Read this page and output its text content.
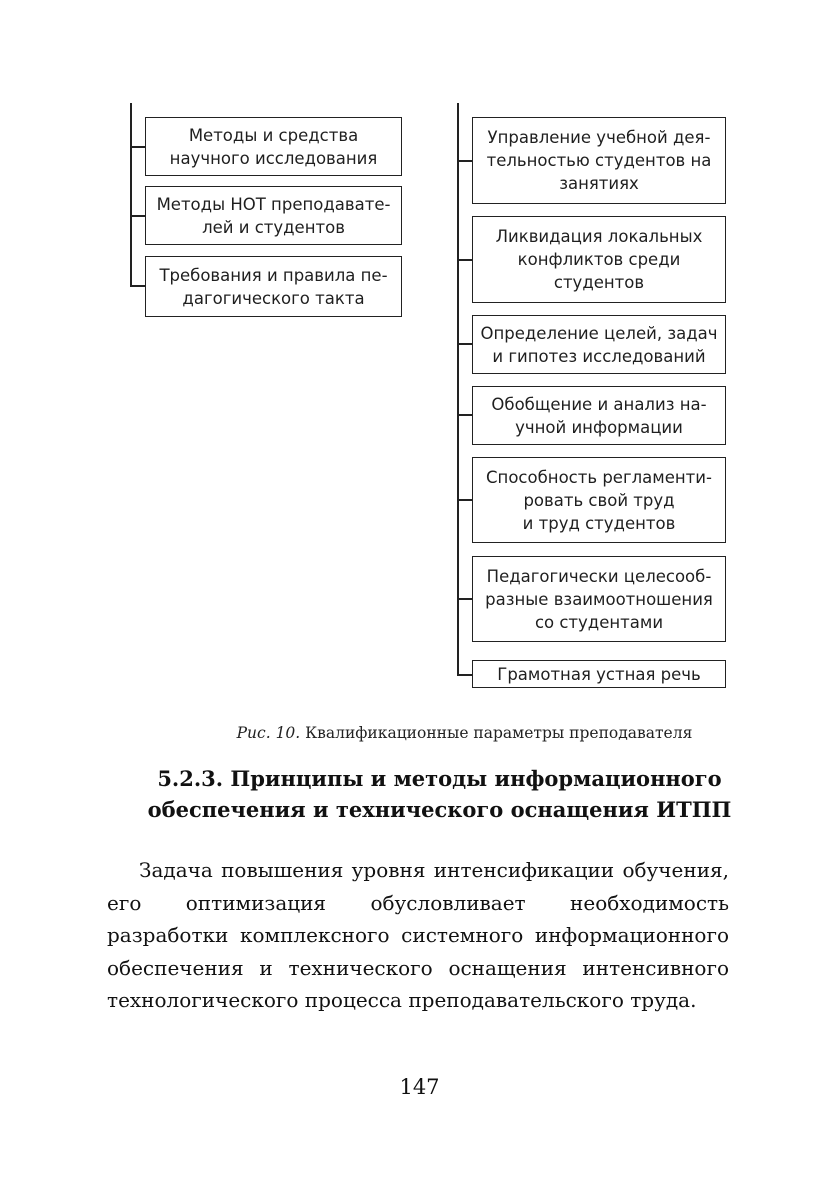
Методы и средства
научного исследования
Методы НОТ преподавате-
лей и студентов
Требования и правила пе-
дагогического такта
Управление учебной дея-
тельностью студентов на
занятиях
Ликвидация локальных
конфликтов среди
студентов
Определение целей, задач
и гипотез исследований
Обобщение и анализ на-
учной информации
Способность регламенти-
ровать свой труд
и труд студентов
Педагогически целесооб-
разные взаимоотношения
со студентами
Грамотная устная речь
Рис. 10. Квалификационные параметры преподавателя
5.2.3. Принципы и методы информационного
обеспечения и технического оснащения ИТПП
Задача повышения уровня интенсификации обучения, его оптимизация обусловливает необходимость разработки комплексного системного информационного обеспечения и технического оснащения интенсивного технологического процесса преподавательского труда.
147
